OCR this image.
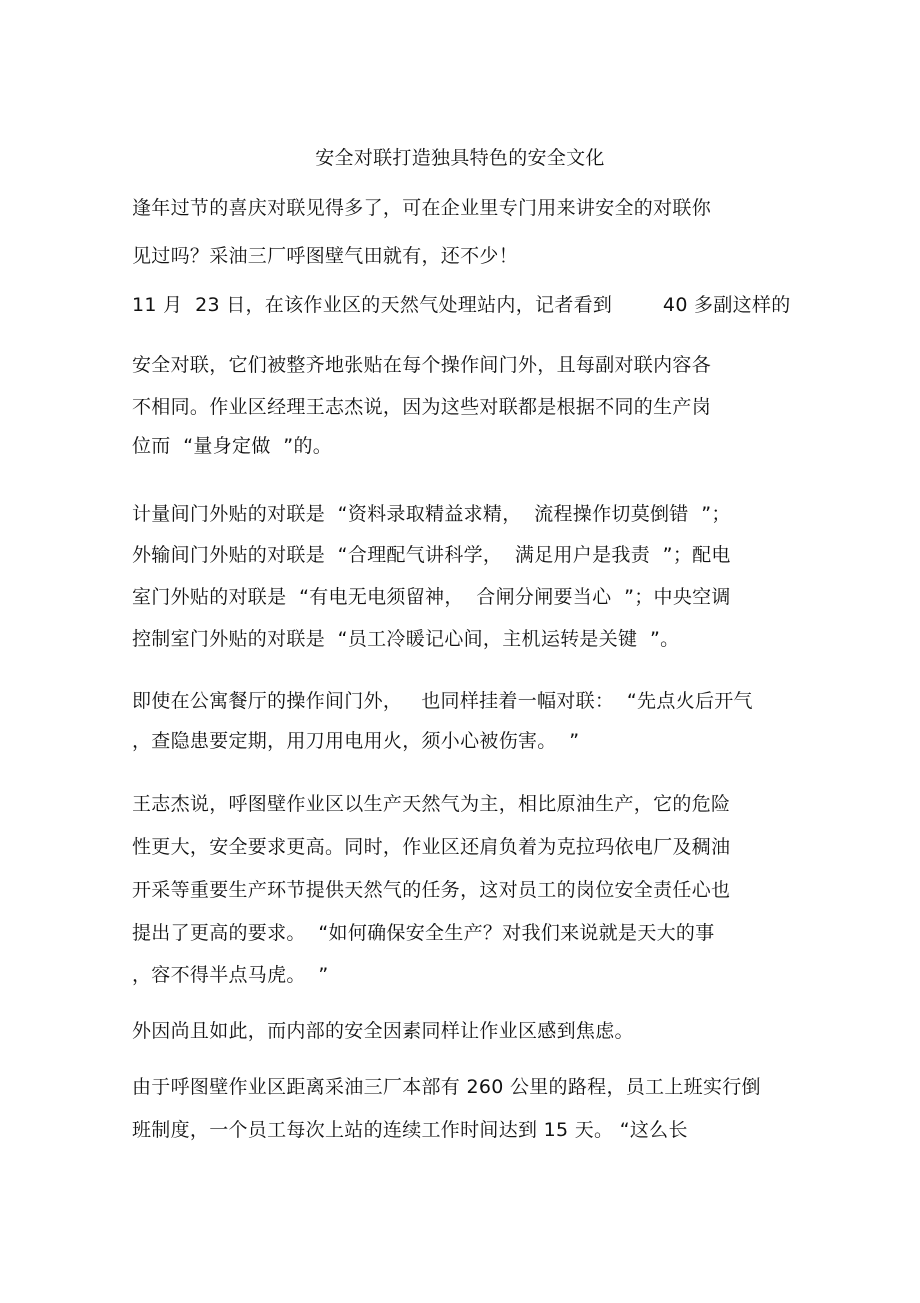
安全对联打造独具特色的安全文化
逢年过节的喜庆对联见得多了，可在企业里专门用来讲安全的对联你
见过吗？采油三厂呼图壁气田就有，还不少！
11 月  23 日，在该作业区的天然气处理站内，记者看到        40 多副这样的
安全对联，它们被整齐地张贴在每个操作间门外，且每副对联内容各
不相同。作业区经理王志杰说，因为这些对联都是根据不同的生产岗
位而  “量身定做  ”的。
计量间门外贴的对联是  “资料录取精益求精，  流程操作切莫倒错  ”；
外输间门外贴的对联是  “合理配气讲科学，  满足用户是我责  ”；配电
室门外贴的对联是  “有电无电须留神，  合闸分闸要当心  ”；中央空调
控制室门外贴的对联是  “员工冷暖记心间，主机运转是关键  ”。
即使在公寓餐厅的操作间门外，   也同样挂着一幅对联：  “先点火后开气
，查隐患要定期，用刀用电用火，须小心被伤害。  ”
王志杰说，呼图壁作业区以生产天然气为主，相比原油生产，它的危险
性更大，安全要求更高。同时，作业区还肩负着为克拉玛依电厂及稠油
开采等重要生产环节提供天然气的任务，这对员工的岗位安全责任心也
提出了更高的要求。  “如何确保安全生产？对我们来说就是天大的事
，容不得半点马虎。  ”
外因尚且如此，而内部的安全因素同样让作业区感到焦虑。
由于呼图壁作业区距离采油三厂本部有 260 公里的路程，员工上班实行倒
班制度，一个员工每次上站的连续工作时间达到 15 天。 “这么长
